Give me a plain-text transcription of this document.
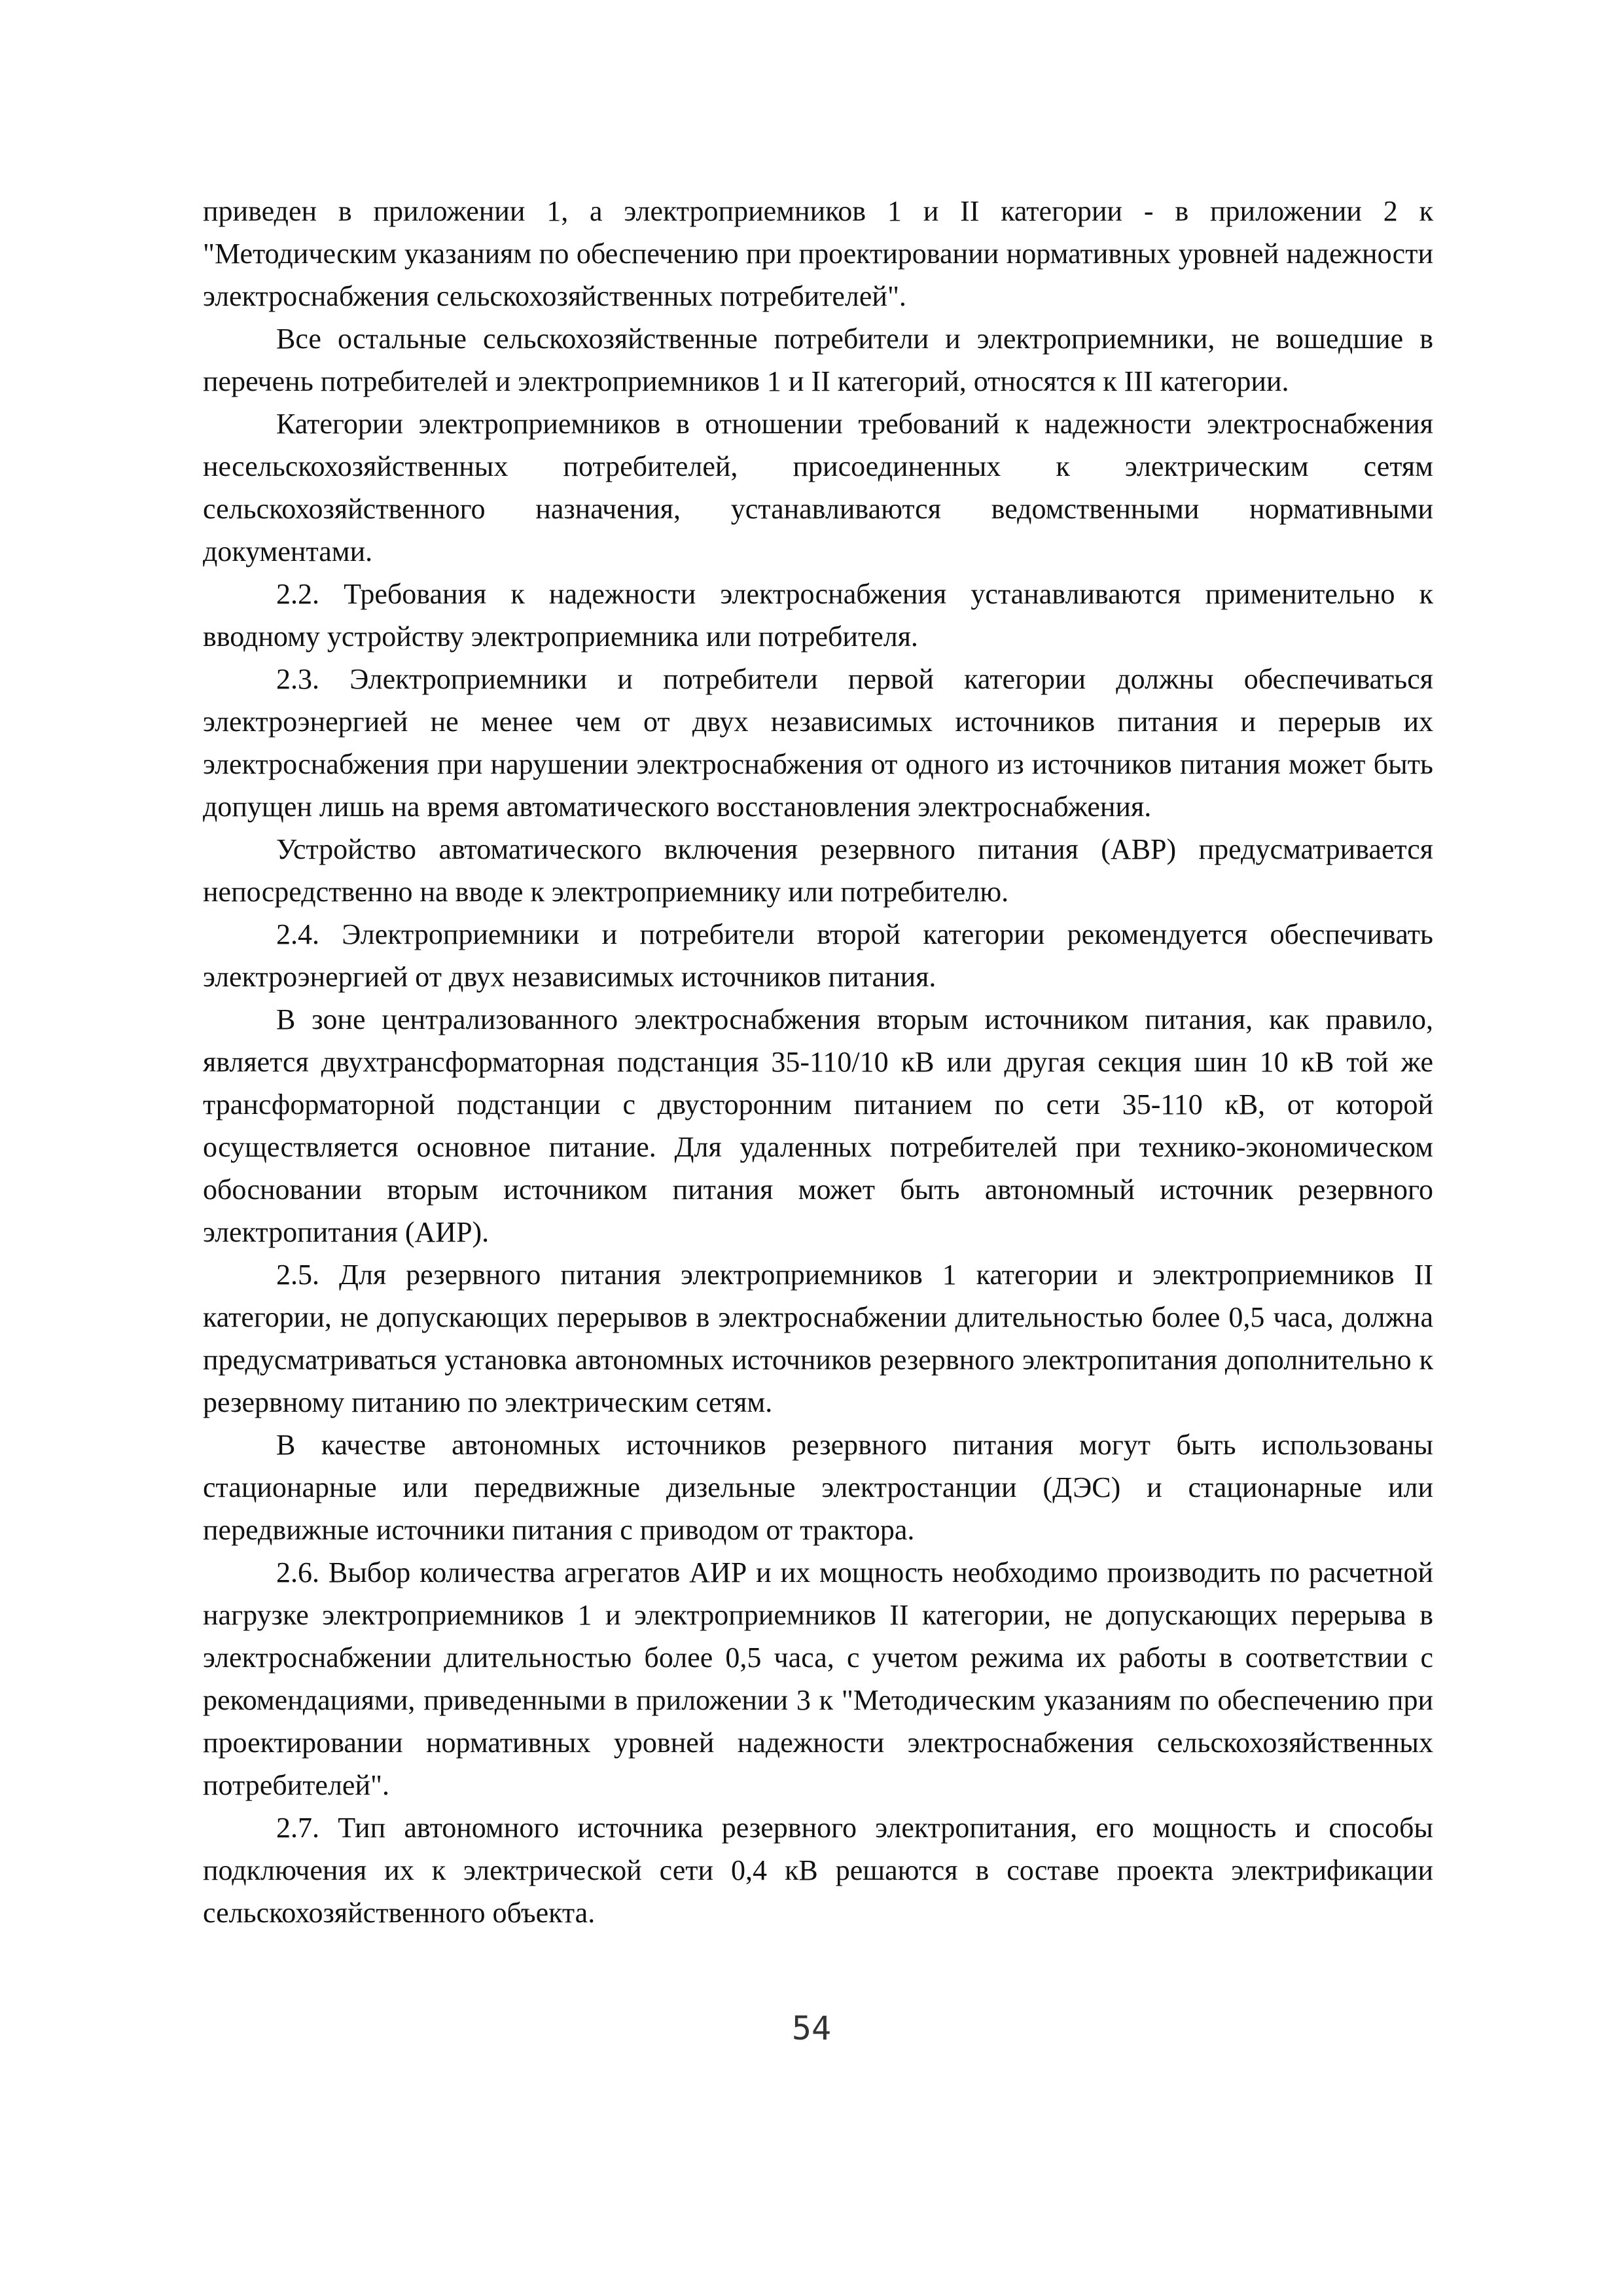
приведен в приложении 1, а электроприемников 1 и II категории - в приложении 2 к "Методическим указаниям по обеспечению при проектировании нормативных уровней надежности электроснабжения сельскохозяйственных потребителей".

Все остальные сельскохозяйственные потребители и электроприемники, не вошедшие в перечень потребителей и электроприемников 1 и II категорий, относятся к III категории.

Категории электроприемников в отношении требований к надежности электроснабжения несельскохозяйственных потребителей, присоединенных к электрическим сетям сельскохозяйственного назначения, устанавливаются ведомственными нормативными документами.

2.2. Требования к надежности электроснабжения устанавливаются применительно к вводному устройству электроприемника или потребителя.

2.3. Электроприемники и потребители первой категории должны обеспечиваться электроэнергией не менее чем от двух независимых источников питания и перерыв их электроснабжения при нарушении электроснабжения от одного из источников питания может быть допущен лишь на время автоматического восстановления электроснабжения.

Устройство автоматического включения резервного питания (АВР) предусматривается непосредственно на вводе к электроприемнику или потребителю.

2.4. Электроприемники и потребители второй категории рекомендуется обеспечивать электроэнергией от двух независимых источников питания.

В зоне централизованного электроснабжения вторым источником питания, как правило, является двухтрансформаторная подстанция 35-110/10 кВ или другая секция шин 10 кВ той же трансформаторной подстанции с двусторонним питанием по сети 35-110 кВ, от которой осуществляется основное питание. Для удаленных потребителей при технико-экономическом обосновании вторым источником питания может быть автономный источник резервного электропитания (АИР).

2.5. Для резервного питания электроприемников 1 категории и электроприемников II категории, не допускающих перерывов в электроснабжении длительностью более 0,5 часа, должна предусматриваться установка автономных источников резервного электропитания дополнительно к резервному питанию по электрическим сетям.

В качестве автономных источников резервного питания могут быть использованы стационарные или передвижные дизельные электростанции (ДЭС) и стационарные или передвижные источники питания с приводом от трактора.

2.6. Выбор количества агрегатов АИР и их мощность необходимо производить по расчетной нагрузке электроприемников 1 и электроприемников II категории, не допускающих перерыва в электроснабжении длительностью более 0,5 часа, с учетом режима их работы в соответствии с рекомендациями, приведенными в приложении 3 к "Методическим указаниям по обеспечению при проектировании нормативных уровней надежности электроснабжения сельскохозяйственных потребителей".

2.7. Тип автономного источника резервного электропитания, его мощность и способы подключения их к электрической сети 0,4 кВ решаются в составе проекта электрификации сельскохозяйственного объекта.

54
